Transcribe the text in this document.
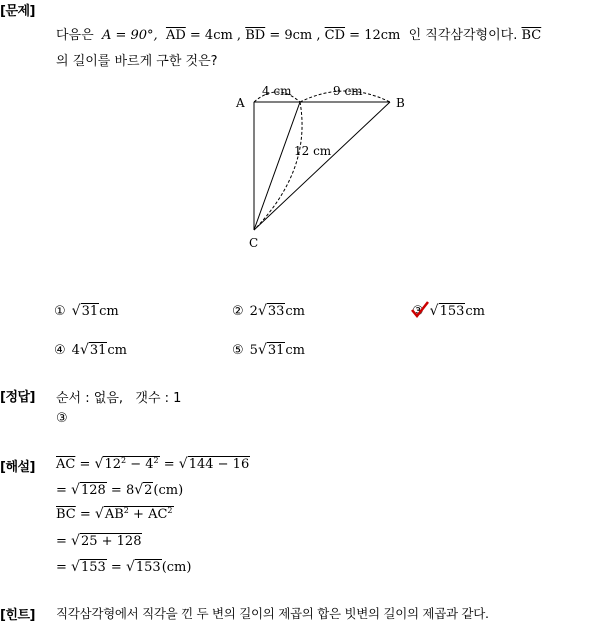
[문제]
다음은 A = 90°, $\overline{AD} = 4cm$ , $\overline{BD} = 9cm$ , $\overline{CD} = 12cm$ 인 직각삼각형이다. $\overline{BC}$
의 길이를 바르게 구한 것은?
A	B
C
4 cm	9 cm
12 cm
① √31cm	② 2√33cm	③ √153cm
④ 4√31cm	⑤ 5√31cm
[정답] 순서 : 없음,   갯수 : 1
③
[해설] $\overline{AC} = √12^2 - 4^2 = √144 - 16$
= √128 = 8√2(cm)
$\overline{BC} = √AB^2 + \overline{AC}^2$
= √25 + 128
= √153 = √153(cm)
[힌트] 직각삼각형에서 직각을 낀 두 변의 길이의 제곱의 합은 빗변의 길이의 제곱과 같다.
